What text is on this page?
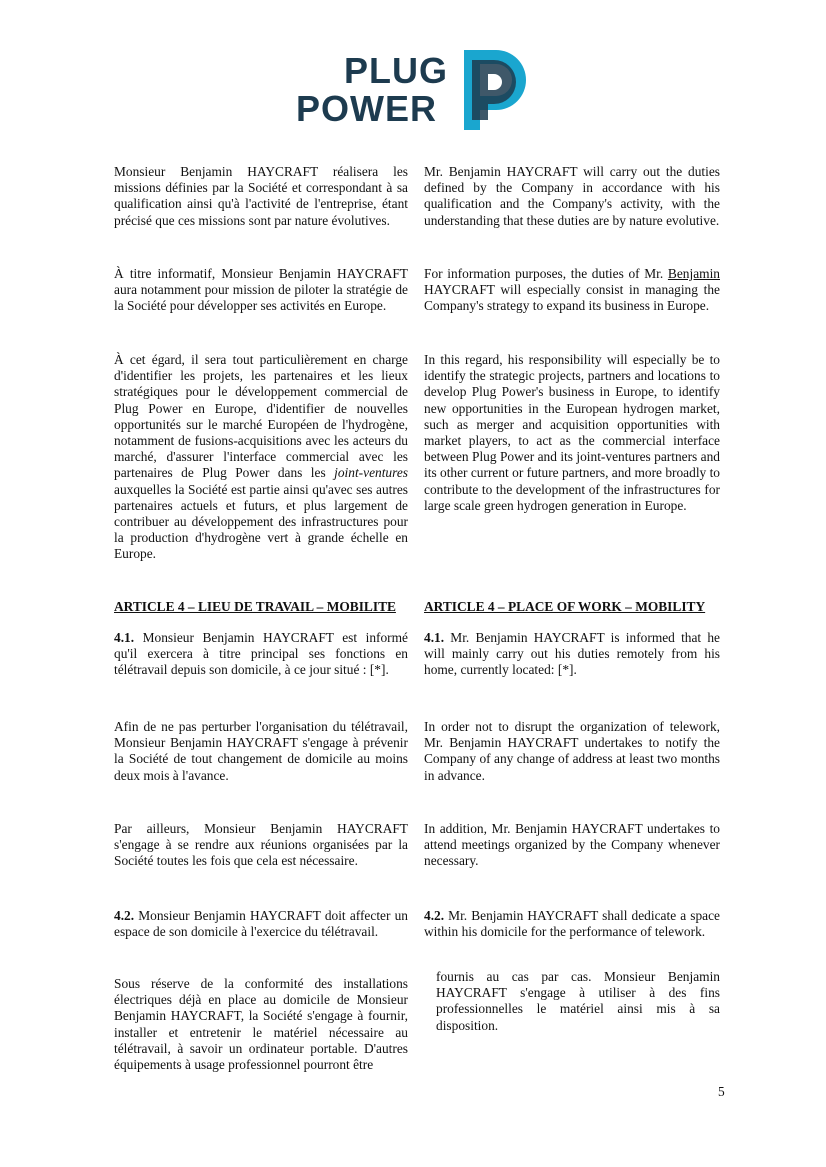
PLUG
POWER

Monsieur Benjamin HAYCRAFT réalisera les missions définies par la Société et correspondant à sa qualification ainsi qu'à l'activité de l'entreprise, étant précisé que ces missions sont par nature évolutives.

Mr. Benjamin HAYCRAFT will carry out the duties defined by the Company in accordance with his qualification and the Company's activity, with the understanding that these duties are by nature evolutive.

À titre informatif, Monsieur Benjamin HAYCRAFT aura notamment pour mission de piloter la stratégie de la Société pour développer ses activités en Europe.

For information purposes, the duties of Mr. Benjamin HAYCRAFT will especially consist in managing the Company's strategy to expand its business in Europe.

À cet égard, il sera tout particulièrement en charge d'identifier les projets, les partenaires et les lieux stratégiques pour le développement commercial de Plug Power en Europe, d'identifier de nouvelles opportunités sur le marché Européen de l'hydrogène, notamment de fusions-acquisitions avec les acteurs du marché, d'assurer l'interface commercial avec les partenaires de Plug Power dans les joint-ventures auxquelles la Société est partie ainsi qu'avec ses autres partenaires actuels et futurs, et plus largement de contribuer au développement des infrastructures pour la production d'hydrogène vert à grande échelle en Europe.

In this regard, his responsibility will especially be to identify the strategic projects, partners and locations to develop Plug Power's business in Europe, to identify new opportunities in the European hydrogen market, such as merger and acquisition opportunities with market players, to act as the commercial interface between Plug Power and its joint-ventures partners and its other current or future partners, and more broadly to contribute to the development of the infrastructures for large scale green hydrogen generation in Europe.

ARTICLE 4 – LIEU DE TRAVAIL – MOBILITE ARTICLE 4 – PLACE OF WORK – MOBILITY

4.1. Monsieur Benjamin HAYCRAFT est informé qu'il exercera à titre principal ses fonctions en télétravail depuis son domicile, à ce jour situé : [*].

4.1. Mr. Benjamin HAYCRAFT is informed that he will mainly carry out his duties remotely from his home, currently located: [*].

Afin de ne pas perturber l'organisation du télétravail, Monsieur Benjamin HAYCRAFT s'engage à prévenir la Société de tout changement de domicile au moins deux mois à l'avance.

In order not to disrupt the organization of telework, Mr. Benjamin HAYCRAFT undertakes to notify the Company of any change of address at least two months in advance.

Par ailleurs, Monsieur Benjamin HAYCRAFT s'engage à se rendre aux réunions organisées par la Société toutes les fois que cela est nécessaire.

In addition, Mr. Benjamin HAYCRAFT undertakes to attend meetings organized by the Company whenever necessary.

4.2. Monsieur Benjamin HAYCRAFT doit affecter un espace de son domicile à l'exercice du télétravail.

4.2. Mr. Benjamin HAYCRAFT shall dedicate a space within his domicile for the performance of telework.

Sous réserve de la conformité des installations électriques déjà en place au domicile de Monsieur Benjamin HAYCRAFT, la Société s'engage à fournir, installer et entretenir le matériel nécessaire au télétravail, à savoir un ordinateur portable. D'autres équipements à usage professionnel pourront être

fournis au cas par cas. Monsieur Benjamin HAYCRAFT s'engage à utiliser à des fins professionnelles le matériel ainsi mis à sa disposition.

5
